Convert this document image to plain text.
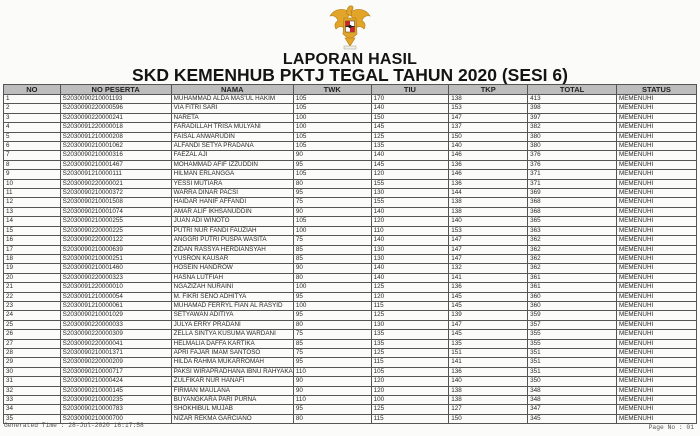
LAPORAN HASIL
SKD KEMENHUB PKTJ TEGAL TAHUN 2020 (SESI 6)
NO	NO PESERTA	NAMA	TWK	TIU	TKP	TOTAL	STATUS
1	S2030090210001193	MUHAMMAD ALDA MAS'UL HAKIM	105	170	138	413	MEMENUHI
2	S2030090220000596	VIA FITRI SARI	105	140	153	398	MEMENUHI
3	S2030090220000241	NARETA	100	150	147	397	MEMENUHI
4	S2030091220000018	FARADILLAH TRISA MULYANI	100	145	137	382	MEMENUHI
5	S2030091210000208	FAISAL ANWARUDIN	105	125	150	380	MEMENUHI
6	S2030090210001062	ALFANDI SETYA PRADANA	105	135	140	380	MEMENUHI
7	S2030090210000316	FAEZAL AJI	90	140	146	376	MEMENUHI
8	S2030090210001467	MOHAMMAD AFIF IZZUDDIN	95	145	136	376	MEMENUHI
9	S2030091210000111	HILMAN ERLANGGA	105	120	146	371	MEMENUHI
10	S2030090220000021	YESSI MUTIARA	80	155	136	371	MEMENUHI
11	S2030090210000372	WARRA DINAR PACSI	95	130	144	369	MEMENUHI
12	S2030090210001508	HAIDAR HANIF AFFANDI	75	155	138	368	MEMENUHI
13	S2030090210001074	AMAR ALIF IKHSANUDDIN	90	140	138	368	MEMENUHI
14	S2030090210000255	JUAN ADI WINOTO	105	120	140	365	MEMENUHI
15	S2030090220000225	PUTRI NUR FANDI FAUZIAH	100	110	153	363	MEMENUHI
16	S2030090220000122	ANGGRI PUTRI PUSPA WASITA	75	140	147	362	MEMENUHI
17	S2030090210000639	ZIDAN RASSYA HERDIANSYAH	85	130	147	362	MEMENUHI
18	S2030090210000251	YUSRON KAUSAR	85	130	147	362	MEMENUHI
19	S2030090210001460	HOSEIN HANDROW	90	140	132	362	MEMENUHI
20	S2030090220000323	HASNA LUTFIAH	80	140	141	361	MEMENUHI
21	S2030091220000010	NGAZIZAH NURAINI	100	125	136	361	MEMENUHI
22	S2030091210000054	M. FIKRI SENO ADHITYA	95	120	145	360	MEMENUHI
23	S2030091210000061	MUHAMAD FERRYL FIAN AL RASYID	100	115	145	360	MEMENUHI
24	S2030090210001029	SETYAWAN ADITIYA	95	125	139	359	MEMENUHI
25	S2030090220000033	JULYA ERRY PRADANI	80	130	147	357	MEMENUHI
26	S2030090220000309	ZELLA SINTYA KUSUMA WARDANI	75	135	145	355	MEMENUHI
27	S2030090220000041	HELMALIA DAFFA KARTIKA	85	135	135	355	MEMENUHI
28	S2030090210001371	APRI FAJAR IMAM SANTOSO	75	125	151	351	MEMENUHI
29	S2030090220000209	HILDA RAHMA MUKARROMAH	95	115	141	351	MEMENUHI
30	S2030090210000717	PAKSI WIRAPRADHANA IBNU RAHYAKA	110	105	136	351	MEMENUHI
31	S2030090210000424	ZULFIKAR NUR HANAFI	90	120	140	350	MEMENUHI
32	S2030090210000145	FIRMAN MAULANA	90	120	138	348	MEMENUHI
33	S2030090210000235	BUYANGKARA PARI PURNA	110	100	138	348	MEMENUHI
34	S2030090210000783	SHOKHIBUL MUJAB	95	125	127	347	MEMENUHI
35	S2030090210000700	NIZAR REKMA GARCIANO	80	115	150	345	MEMENUHI
Generated Time : 28-Jul-2020 16:17:58	Page No : 01
